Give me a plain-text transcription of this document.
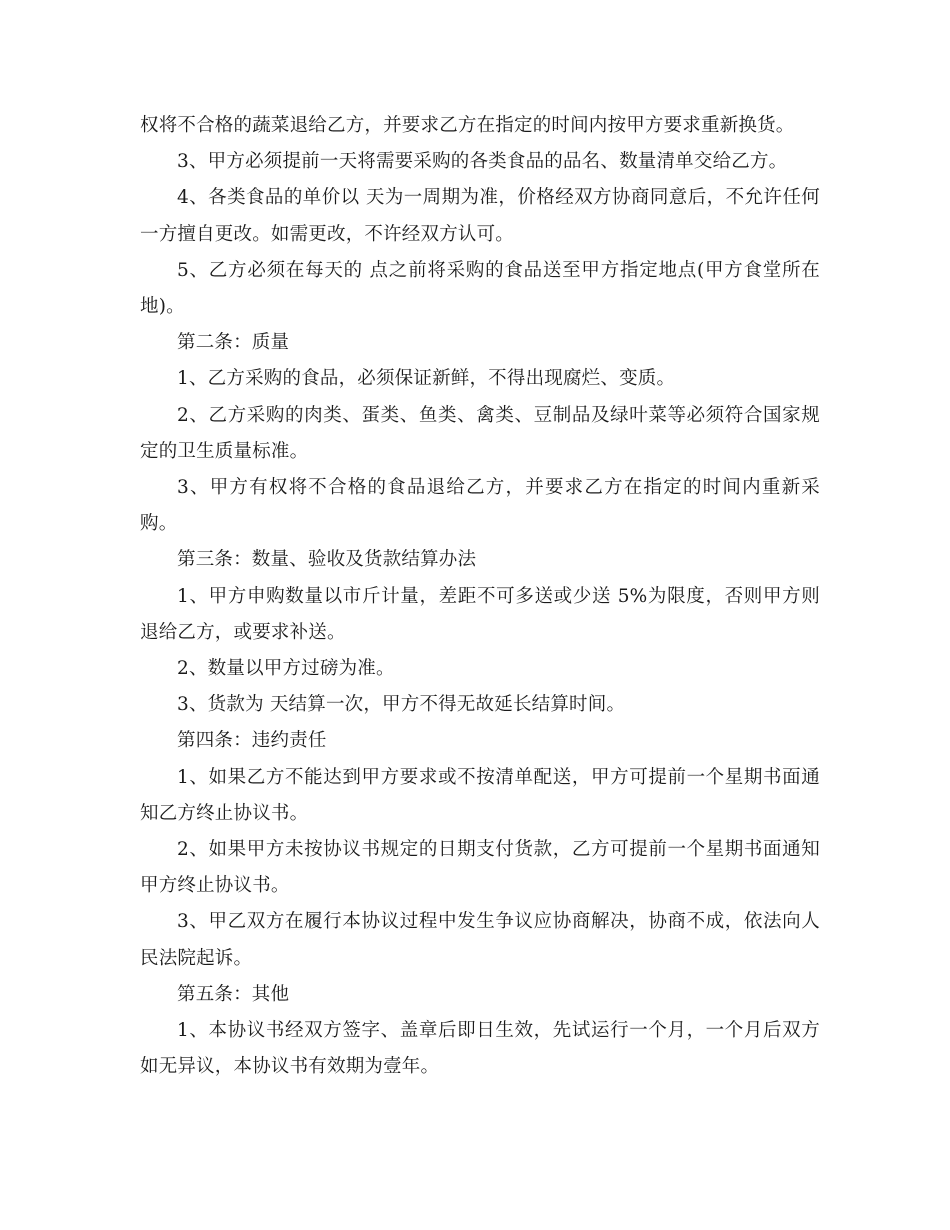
权将不合格的蔬菜退给乙方，并要求乙方在指定的时间内按甲方要求重新换货。

3、甲方必须提前一天将需要采购的各类食品的品名、数量清单交给乙方。

4、各类食品的单价以 天为一周期为准，价格经双方协商同意后，不允许任何一方擅自更改。如需更改，不许经双方认可。

5、乙方必须在每天的 点之前将采购的食品送至甲方指定地点(甲方食堂所在地)。

第二条：质量

1、乙方采购的食品，必须保证新鲜，不得出现腐烂、变质。

2、乙方采购的肉类、蛋类、鱼类、禽类、豆制品及绿叶菜等必须符合国家规定的卫生质量标准。

3、甲方有权将不合格的食品退给乙方，并要求乙方在指定的时间内重新采购。

第三条：数量、验收及货款结算办法

1、甲方申购数量以市斤计量，差距不可多送或少送 5%为限度，否则甲方则退给乙方，或要求补送。

2、数量以甲方过磅为准。

3、货款为 天结算一次，甲方不得无故延长结算时间。

第四条：违约责任

1、如果乙方不能达到甲方要求或不按清单配送，甲方可提前一个星期书面通知乙方终止协议书。

2、如果甲方未按协议书规定的日期支付货款，乙方可提前一个星期书面通知甲方终止协议书。

3、甲乙双方在履行本协议过程中发生争议应协商解决，协商不成，依法向人民法院起诉。

第五条：其他

1、本协议书经双方签字、盖章后即日生效，先试运行一个月，一个月后双方如无异议，本协议书有效期为壹年。
